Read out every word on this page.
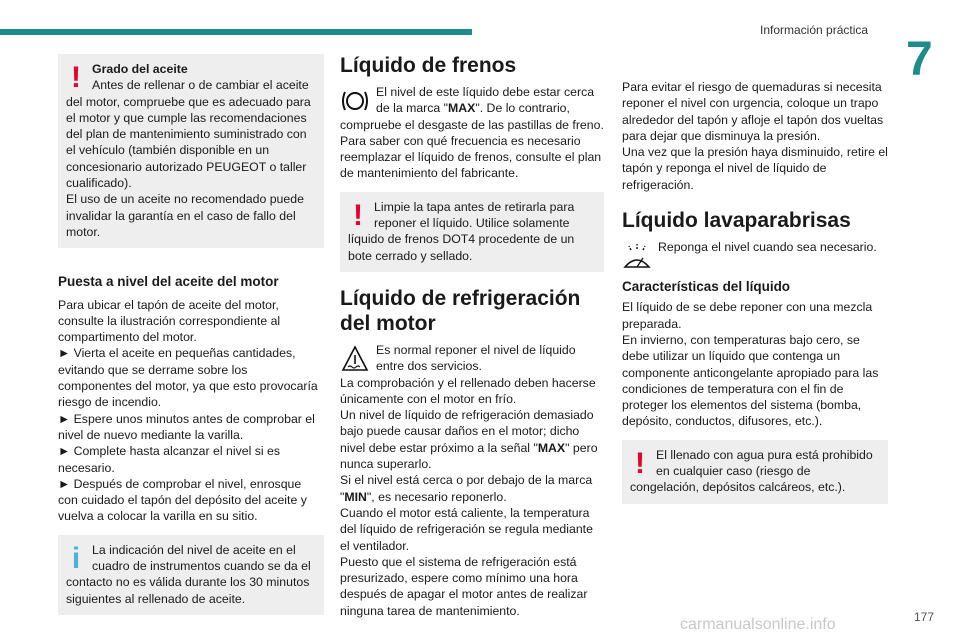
Información práctica
7
! Grado del aceite

Antes de rellenar o de cambiar el aceite del motor, compruebe que es adecuado para el motor y que cumple las recomendaciones del plan de mantenimiento suministrado con el vehículo (también disponible en un concesionario autorizado PEUGEOT o taller cualificado).

El uso de un aceite no recomendado puede invalidar la garantía en el caso de fallo del motor.

Puesta a nivel del aceite del motor

Para ubicar el tapón de aceite del motor, consulte la ilustración correspondiente al compartimento del motor.

► Vierta el aceite en pequeñas cantidades, evitando que se derrame sobre los componentes del motor, ya que esto provocaría riesgo de incendio.

► Espere unos minutos antes de comprobar el nivel de nuevo mediante la varilla.

► Complete hasta alcanzar el nivel si es necesario.

► Después de comprobar el nivel, enrosque con cuidado el tapón del depósito del aceite y vuelva a colocar la varilla en su sitio.

i La indicación del nivel de aceite en el cuadro de instrumentos cuando se da el contacto no es válida durante los 30 minutos siguientes al rellenado de aceite.

Líquido de frenos

El nivel de este líquido debe estar cerca de la marca "MAX". De lo contrario, compruebe el desgaste de las pastillas de freno.

Para saber con qué frecuencia es necesario reemplazar el líquido de frenos, consulte el plan de mantenimiento del fabricante.

! Limpie la tapa antes de retirarla para reponer el líquido. Utilice solamente líquido de frenos DOT4 procedente de un bote cerrado y sellado.

Líquido de refrigeración del motor

Es normal reponer el nivel de líquido entre dos servicios.

La comprobación y el rellenado deben hacerse únicamente con el motor en frío.

Un nivel de líquido de refrigeración demasiado bajo puede causar daños en el motor; dicho nivel debe estar próximo a la señal "MAX" pero nunca superarlo.

Si el nivel está cerca o por debajo de la marca "MIN", es necesario reponerlo.

Cuando el motor está caliente, la temperatura del líquido de refrigeración se regula mediante el ventilador.

Puesto que el sistema de refrigeración está presurizado, espere como mínimo una hora después de apagar el motor antes de realizar ninguna tarea de mantenimiento.

Para evitar el riesgo de quemaduras si necesita reponer el nivel con urgencia, coloque un trapo alrededor del tapón y afloje el tapón dos vueltas para dejar que disminuya la presión.

Una vez que la presión haya disminuido, retire el tapón y reponga el nivel de líquido de refrigeración.

Líquido lavaparabrisas

Reponga el nivel cuando sea necesario.

Características del líquido

El líquido de se debe reponer con una mezcla preparada.

En invierno, con temperaturas bajo cero, se debe utilizar un líquido que contenga un componente anticongelante apropiado para las condiciones de temperatura con el fin de proteger los elementos del sistema (bomba, depósito, conductos, difusores, etc.).

! El llenado con agua pura está prohibido en cualquier caso (riesgo de congelación, depósitos calcáreos, etc.).

carmanualsonline.info	177
